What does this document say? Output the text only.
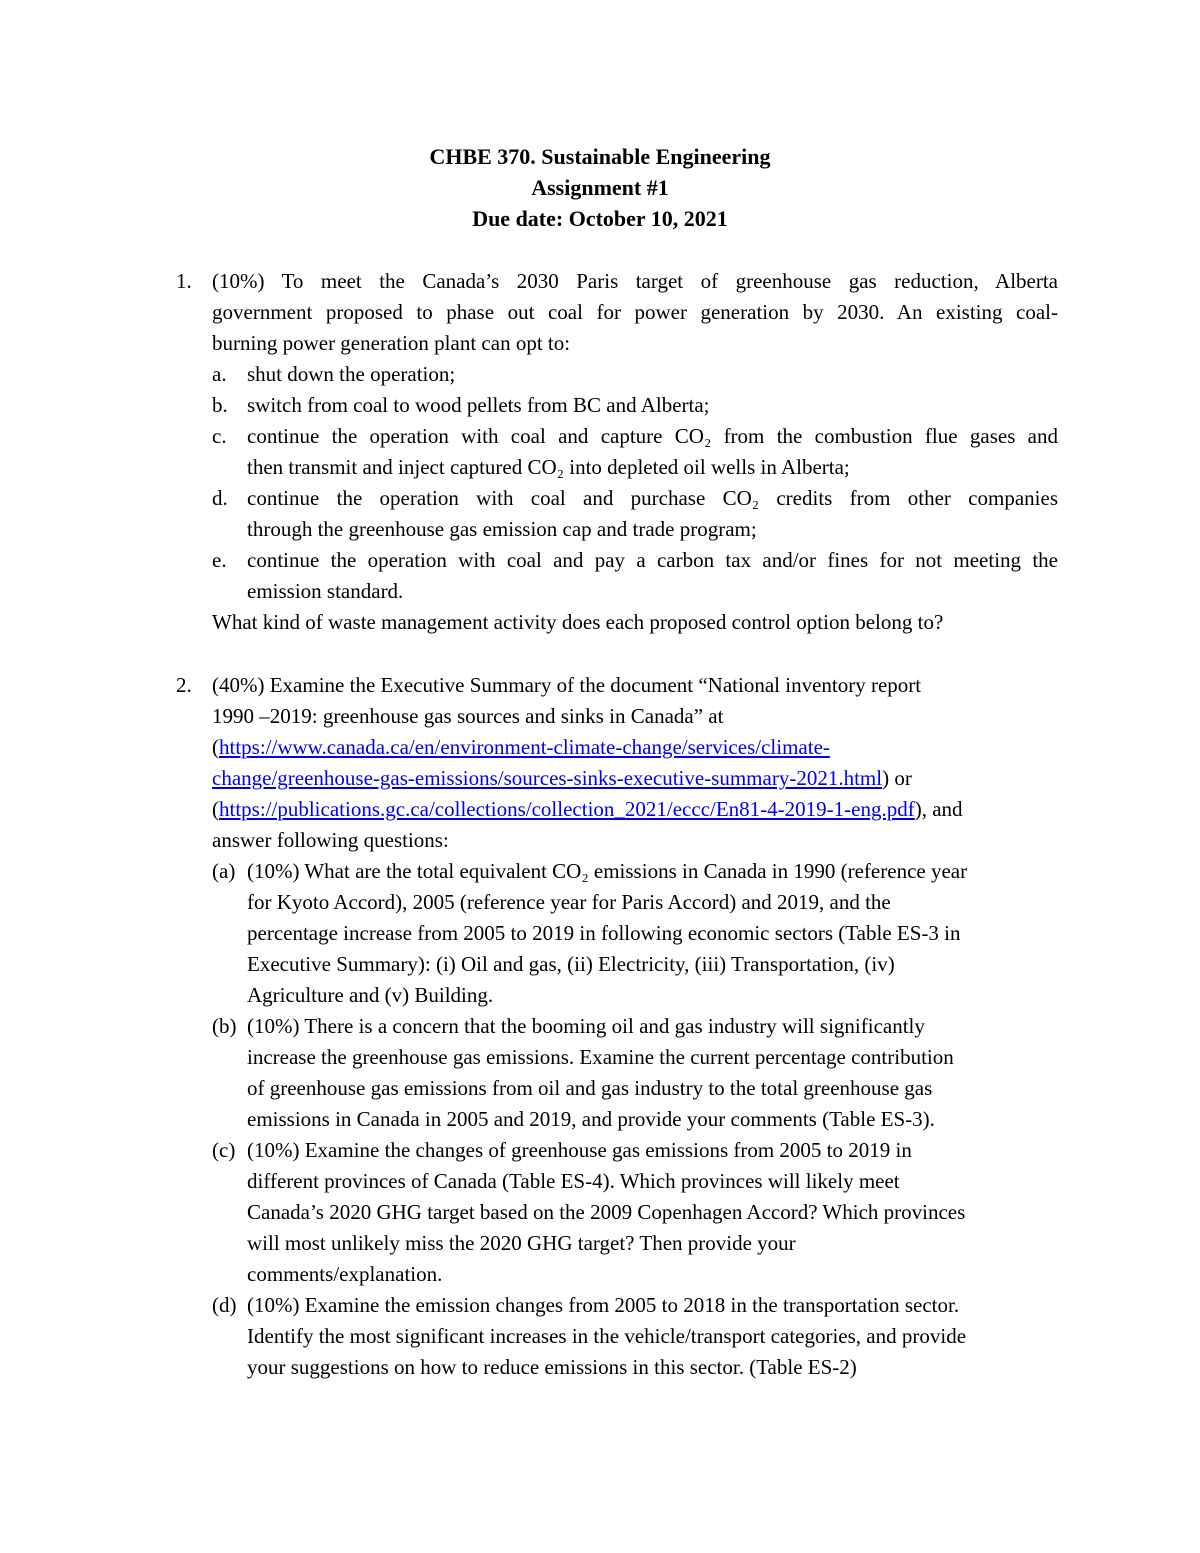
CHBE 370. Sustainable Engineering
Assignment #1
Due date: October 10, 2021
1. (10%) To meet the Canada’s 2030 Paris target of greenhouse gas reduction, Alberta
government proposed to phase out coal for power generation by 2030. An existing coal-
burning power generation plant can opt to:
a. shut down the operation;
b. switch from coal to wood pellets from BC and Alberta;
c. continue the operation with coal and capture CO₂ from the combustion flue gases and
then transmit and inject captured CO₂ into depleted oil wells in Alberta;
d. continue the operation with coal and purchase CO₂ credits from other companies
through the greenhouse gas emission cap and trade program;
e. continue the operation with coal and pay a carbon tax and/or fines for not meeting the
emission standard.
What kind of waste management activity does each proposed control option belong to?
2. (40%) Examine the Executive Summary of the document “National inventory report
1990 –2019: greenhouse gas sources and sinks in Canada” at
(https://www.canada.ca/en/environment-climate-change/services/climate-
change/greenhouse-gas-emissions/sources-sinks-executive-summary-2021.html) or
(https://publications.gc.ca/collections/collection_2021/eccc/En81-4-2019-1-eng.pdf), and
answer following questions:
(a) (10%) What are the total equivalent CO₂ emissions in Canada in 1990 (reference year
for Kyoto Accord), 2005 (reference year for Paris Accord) and 2019, and the
percentage increase from 2005 to 2019 in following economic sectors (Table ES-3 in
Executive Summary): (i) Oil and gas, (ii) Electricity, (iii) Transportation, (iv)
Agriculture and (v) Building.
(b) (10%) There is a concern that the booming oil and gas industry will significantly
increase the greenhouse gas emissions. Examine the current percentage contribution
of greenhouse gas emissions from oil and gas industry to the total greenhouse gas
emissions in Canada in 2005 and 2019, and provide your comments (Table ES-3).
(c) (10%) Examine the changes of greenhouse gas emissions from 2005 to 2019 in
different provinces of Canada (Table ES-4). Which provinces will likely meet
Canada’s 2020 GHG target based on the 2009 Copenhagen Accord? Which provinces
will most unlikely miss the 2020 GHG target? Then provide your
comments/explanation.
(d) (10%) Examine the emission changes from 2005 to 2018 in the transportation sector.
Identify the most significant increases in the vehicle/transport categories, and provide
your suggestions on how to reduce emissions in this sector. (Table ES-2)
